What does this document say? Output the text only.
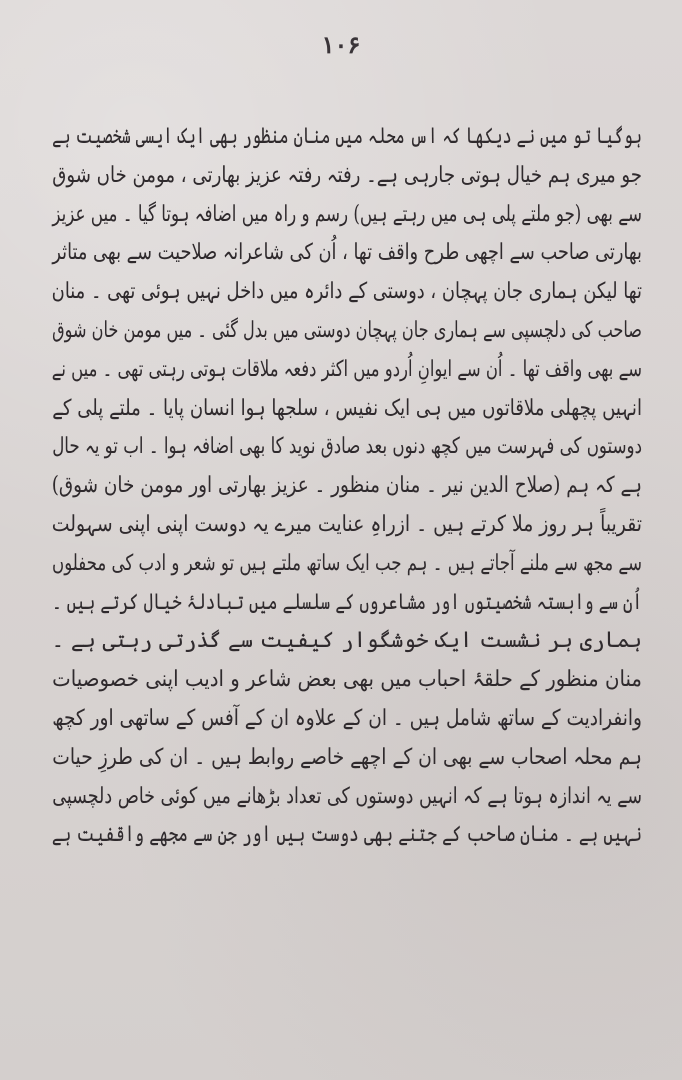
۱۰۶
ہوگیا تو میں نے دیکھا کہ اس محلہ میں منان منظور بھی ایک ایسی شخصیت ہے
جو میری ہم خیال ہوتی جارہی ہے۔ رفتہ رفتہ عزیز بھارتی ، مومن خاں شوق
سے بھی (جو ملتے پلی ہی میں رہتے ہیں) رسم و راہ میں اضافہ ہوتا گیا ۔ میں عزیز
بھارتی صاحب سے اچھی طرح واقف تھا ، اُن کی شاعرانہ صلاحیت سے بھی متاثر
تھا لیکن ہماری جان پہچان ، دوستی کے دائرہ میں داخل نہیں ہوئی تھی ۔ منان
صاحب کی دلچسپی سے ہماری جان پہچان دوستی میں بدل گئی ۔ میں مومن خان شوق
سے بھی واقف تھا ۔ اُن سے ایوانِ اُردو میں اکثر دفعہ ملاقات ہوتی رہتی تھی ۔ میں نے
انہیں پچھلی ملاقاتوں میں ہی ایک نفیس ، سلجھا ہوا انسان پایا ۔ ملتے پلی کے
دوستوں کی فہرست میں کچھ دنوں بعد صادق نوید کا بھی اضافہ ہوا ۔ اب تو یہ حال
ہے کہ ہم (صلاح الدین نیر ۔ منان منظور ۔ عزیز بھارتی اور مومن خان شوق)
تقریباً ہر روز ملا کرتے ہیں ۔ ازراہِ عنایت میرے یہ دوست اپنی اپنی سہولت
سے مجھ سے ملنے آجاتے ہیں ۔ ہم جب ایک ساتھ ملتے ہیں تو شعر و ادب کی محفلوں
اُن سے وابستہ شخصیتوں اور مشاعروں کے سلسلے میں تبادلۂ خیال کرتے ہیں ۔
ہماری ہر نشست ایک خوشگوار کیفیت سے گذرتی رہتی ہے ۔
منان منظور کے حلقۂ احباب میں بھی بعض شاعر و ادیب اپنی خصوصیات
وانفرادیت کے ساتھ شامل ہیں ۔ ان کے علاوہ ان کے آفس کے ساتھی اور کچھ
ہم محلہ اصحاب سے بھی ان کے اچھے خاصے روابط ہیں ۔ ان کی طرزِ حیات
سے یہ اندازہ ہوتا ہے کہ انہیں دوستوں کی تعداد بڑھانے میں کوئی خاص دلچسپی
نہیں ہے ۔ منان صاحب کے جتنے بھی دوست ہیں اور جن سے مجھے واقفیت ہے
